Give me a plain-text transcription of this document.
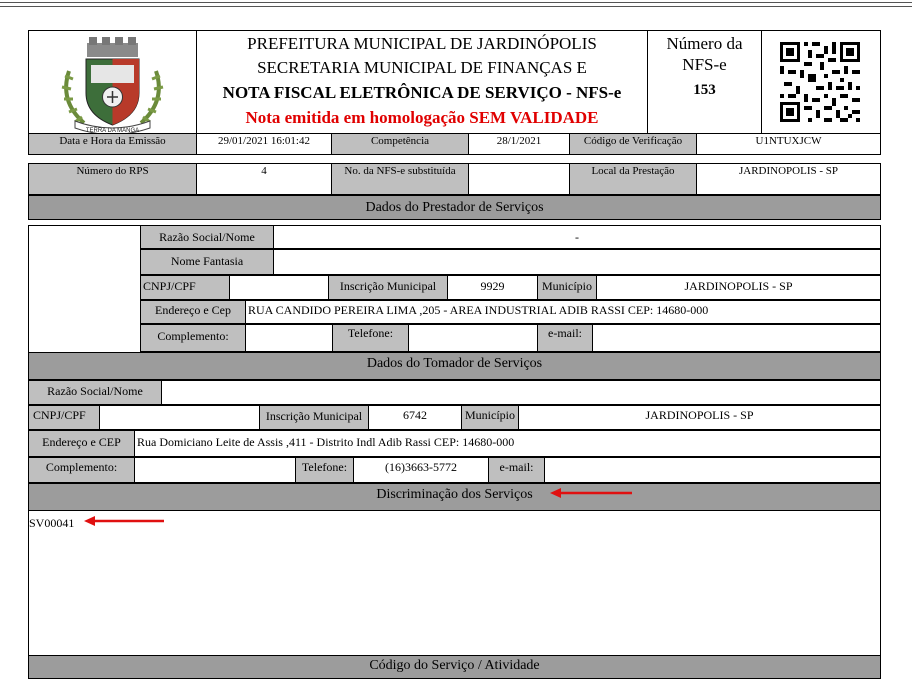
TERRA DA MANGA
PREFEITURA MUNICIPAL DE JARDINÓPOLIS
SECRETARIA MUNICIPAL DE FINANÇAS E
NOTA FISCAL ELETRÔNICA DE SERVIÇO - NFS-e
Nota emitida em homologação SEM VALIDADE
Número da
NFS-e
153
Data e Hora da Emissão	29/01/2021 16:01:42	Competência	28/1/2021	Código de Verificação	U1NTUXJCW
Número do RPS	4	No. da NFS-e substituída	Local da Prestação	JARDINOPOLIS - SP
Dados do Prestador de Serviços
Razão Social/Nome	-
Nome Fantasia
CNPJ/CPF	Inscrição Municipal	9929	Município	JARDINOPOLIS - SP
Endereço e Cep	RUA CANDIDO PEREIRA LIMA ,205 - AREA INDUSTRIAL ADIB RASSI CEP: 14680-000
Complemento:	Telefone:	e-mail:
Dados do Tomador de Serviços
Razão Social/Nome
CNPJ/CPF	Inscrição Municipal	6742	Município	JARDINOPOLIS - SP
Endereço e CEP	Rua Domiciano Leite de Assis ,411 - Distrito Indl Adib Rassi CEP: 14680-000
Complemento:	Telefone:	(16)3663-5772	e-mail:
Discriminação dos Serviços
SV00041
Código do Serviço / Atividade
